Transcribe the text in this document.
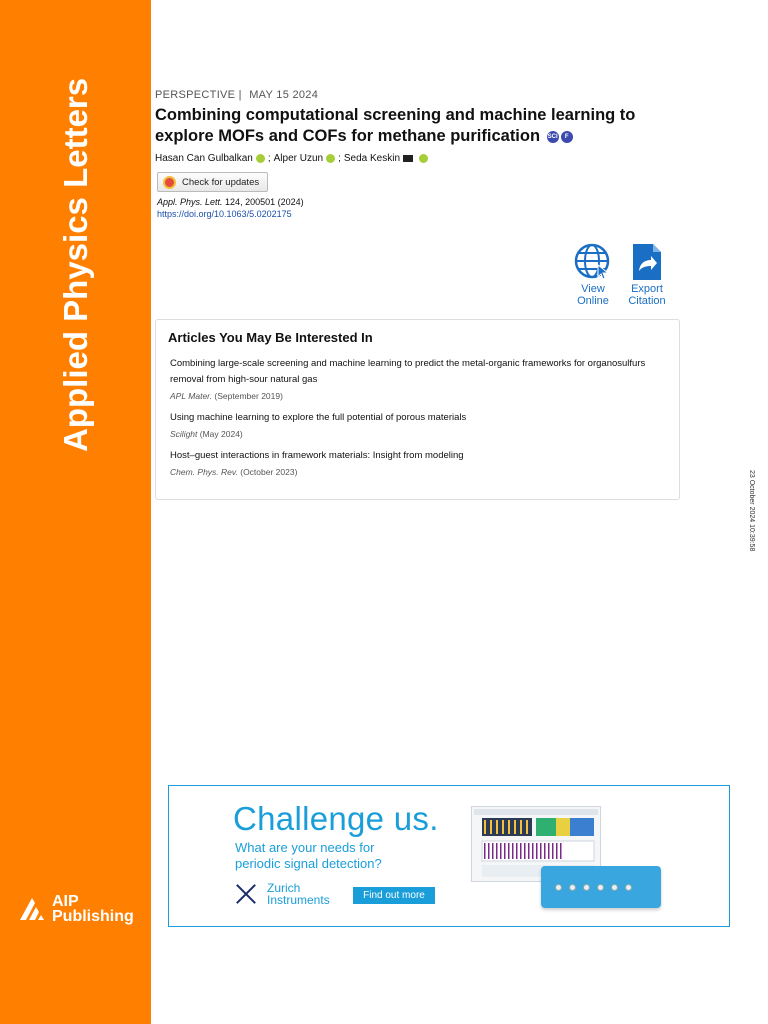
Applied Physics Letters
AIP
Publishing
PERSPECTIVE | MAY 15 2024
Combining computational screening and machine learning to explore MOFs and COFs for methane purification SCI F
Hasan Can Gulbalkan ; Alper Uzun ; Seda Keskin
Check for updates
Appl. Phys. Lett. 124, 200501 (2024)
https://doi.org/10.1063/5.0202175
View
Online
Export
Citation
Articles You May Be Interested In
Combining large-scale screening and machine learning to predict the metal-organic frameworks for organosulfurs removal from high-sour natural gas
APL Mater. (September 2019)
Using machine learning to explore the full potential of porous materials
Scilight (May 2024)
Host–guest interactions in framework materials: Insight from modeling
Chem. Phys. Rev. (October 2023)	23 October 2024 10:39:58
Challenge us.
What are your needs for periodic signal detection?
Zurich
Instruments	Find out more
